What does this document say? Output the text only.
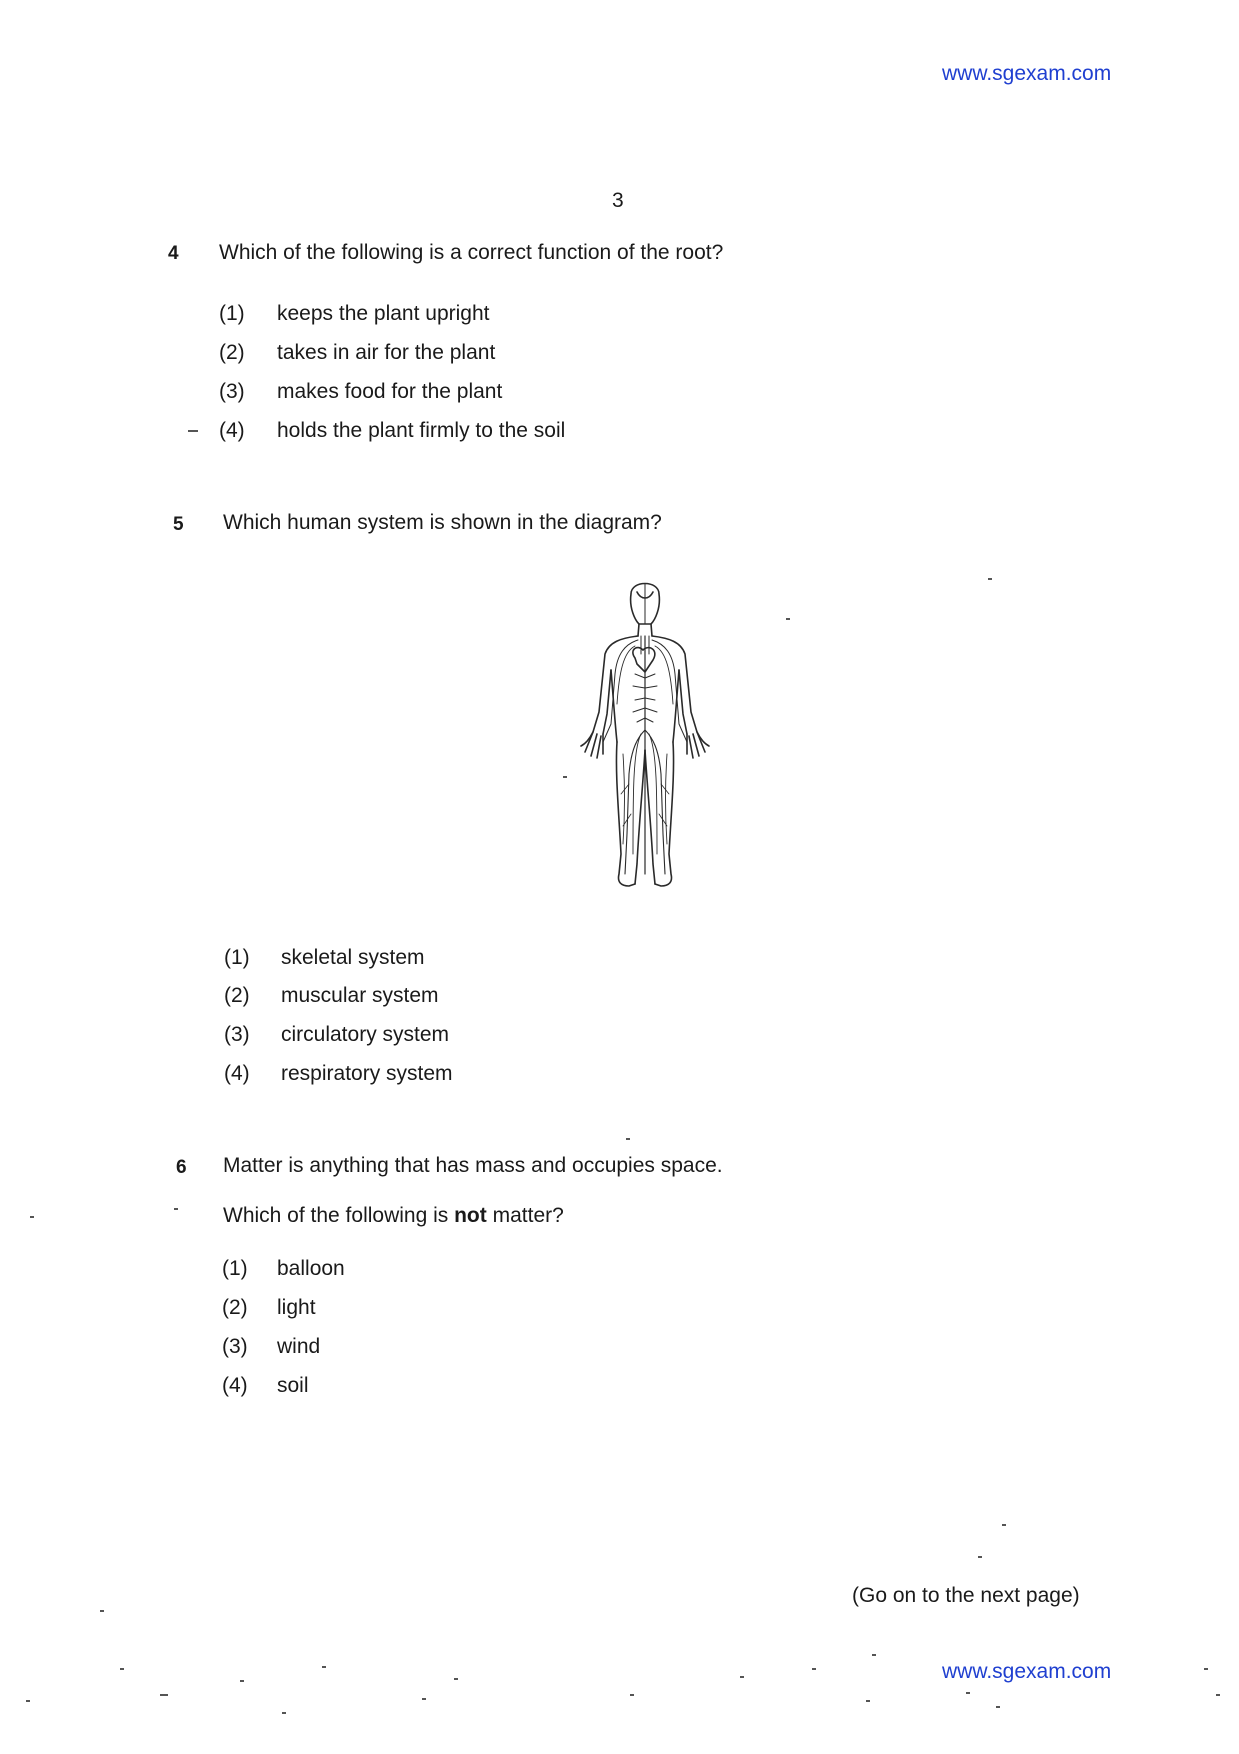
www.sgexam.com
3
4 Which of the following is a correct function of the root?
(1) keeps the plant upright
(2) takes in air for the plant
(3) makes food for the plant
(4) holds the plant firmly to the soil
5 Which human system is shown in the diagram?
(1) skeletal system
(2) muscular system
(3) circulatory system
(4) respiratory system
6 Matter is anything that has mass and occupies space.
Which of the following is not matter?
(1) balloon
(2) light
(3) wind
(4) soil
(Go on to the next page)
www.sgexam.com
